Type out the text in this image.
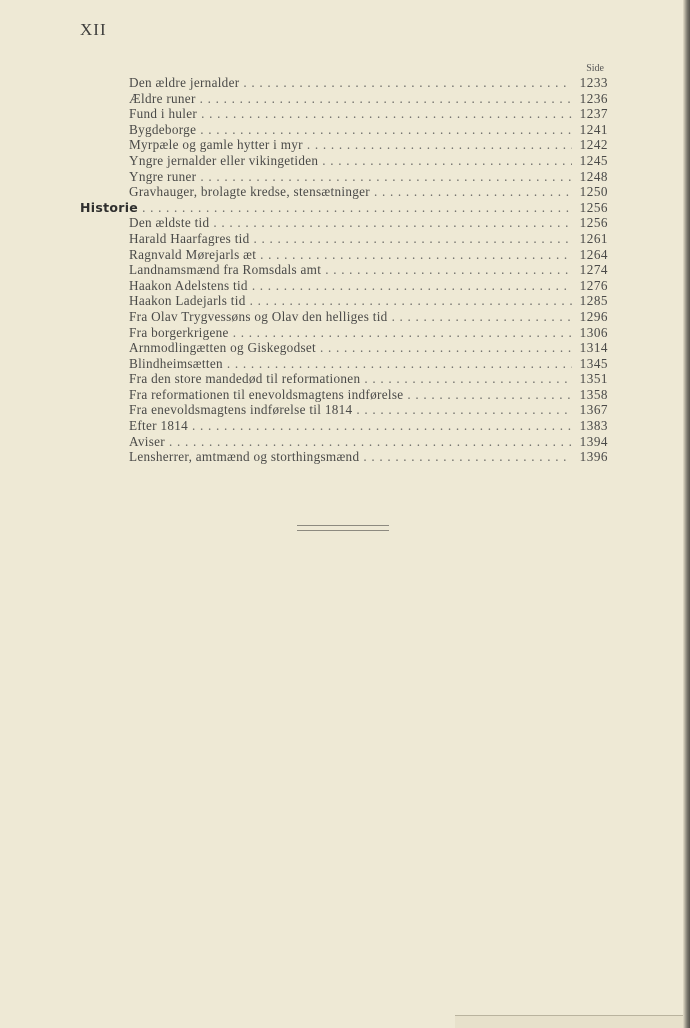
XII
Side
Den ældre jernalder . . .	1233
Ældre runer . . .	1236
Fund i huler . . .	1237
Bygdeborge . . .	1241
Myrpæle og gamle hytter i myr . . .	1242
Yngre jernalder eller vikingetiden . . .	1245
Yngre runer . . .	1248
Gravhauger, brolagte kredse, stensætninger . . .	1250
Historie . . .	1256
Den ældste tid . . .	1256
Harald Haarfagres tid . . .	1261
Ragnvald Mørejarls æt . . .	1264
Landnamsmænd fra Romsdals amt . . .	1274
Haakon Adelstens tid . . .	1276
Haakon Ladejarls tid . . .	1285
Fra Olav Trygvessøns og Olav den helliges tid . . .	1296
Fra borgerkrigene . . .	1306
Arnmodlingætten og Giskegodset . . .	1314
Blindheimsætten . . .	1345
Fra den store mandedød til reformationen . . .	1351
Fra reformationen til enevoldsmagtens indførelse . . .	1358
Fra enevoldsmagtens indførelse til 1814 . . .	1367
Efter 1814 . . .	1383
Aviser . . .	1394
Lensherrer, amtmænd og storthingsmænd . . .	1396
